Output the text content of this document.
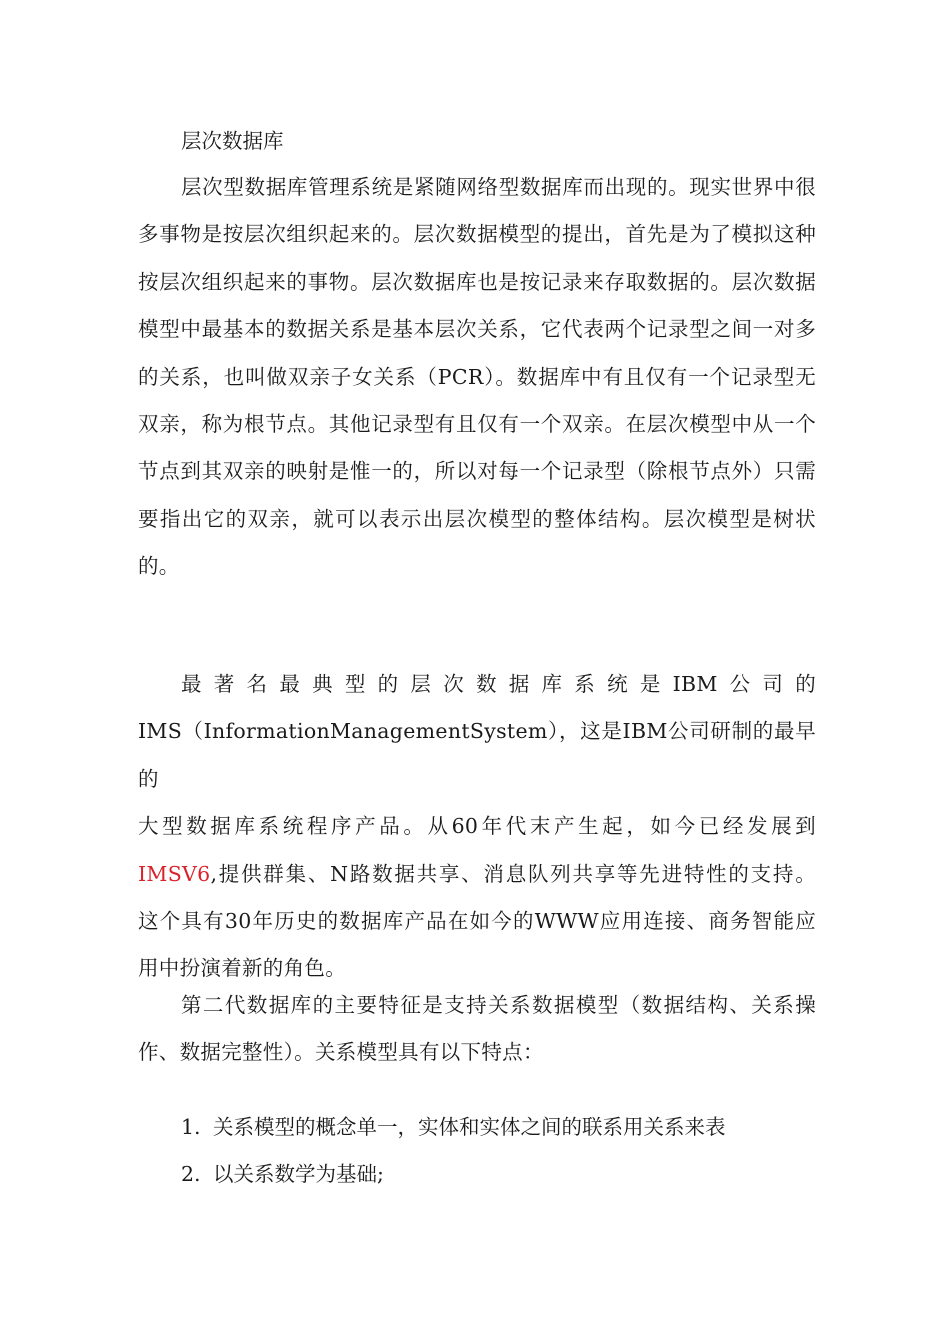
层次数据库

层次型数据库管理系统是紧随网络型数据库而出现的。现实世界中很多事物是按层次组织起来的。层次数据模型的提出，首先是为了模拟这种按层次组织起来的事物。层次数据库也是按记录来存取数据的。层次数据模型中最基本的数据关系是基本层次关系，它代表两个记录型之间一对多的关系，也叫做双亲子女关系（PCR）。数据库中有且仅有一个记录型无双亲，称为根节点。其他记录型有且仅有一个双亲。在层次模型中从一个节点到其双亲的映射是惟一的，所以对每一个记录型（除根节点外）只需要指出它的双亲，就可以表示出层次模型的整体结构。层次模型是树状的。

最著名最典型的层次数据库系统是IBM公司的
IMS（InformationManagementSystem），这是IBM公司研制的最早的
大型数据库系统程序产品。从60年代末产生起，如今已经发展到
IMSV6,提供群集、N路数据共享、消息队列共享等先进特性的支持。
这个具有30年历史的数据库产品在如今的WWW应用连接、商务智能应
用中扮演着新的角色。

第二代数据库的主要特征是支持关系数据模型（数据结构、关系操作、数据完整性）。关系模型具有以下特点：

1. 关系模型的概念单一，实体和实体之间的联系用关系来表
2. 以关系数学为基础;
